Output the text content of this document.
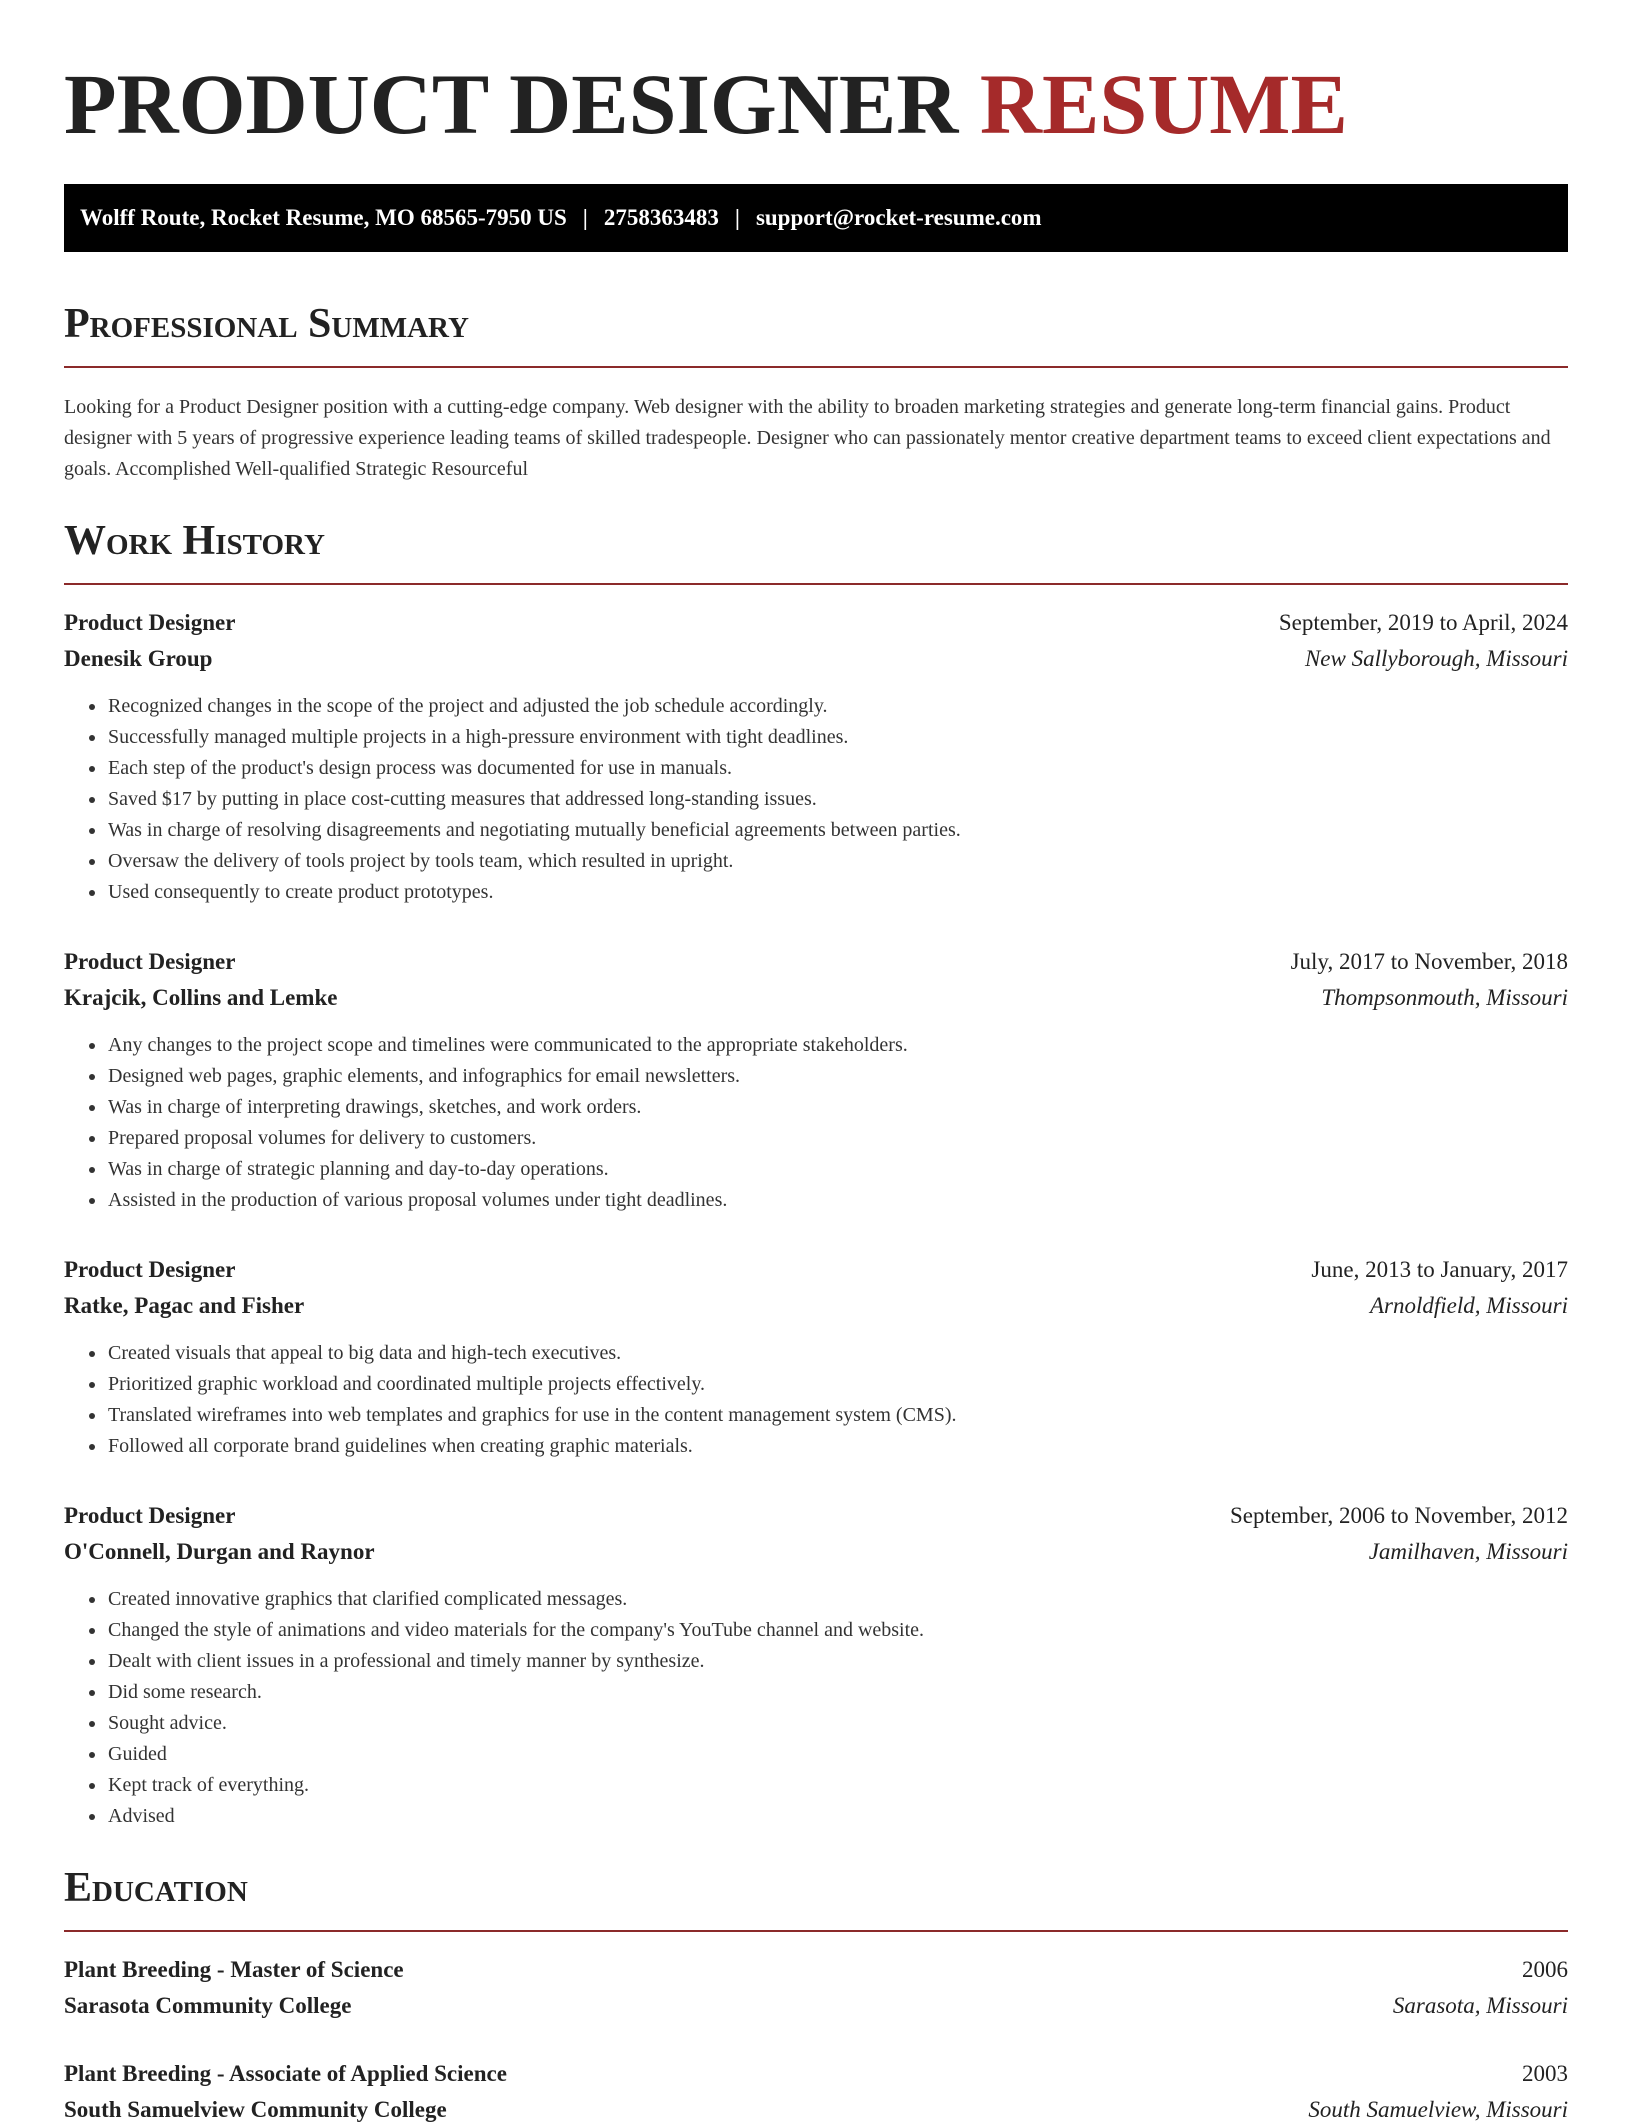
PRODUCT DESIGNER RESUME
Wolff Route, Rocket Resume, MO 68565-7950 US | 2758363483 | support@rocket-resume.com
Professional Summary

Looking for a Product Designer position with a cutting-edge company. Web designer with the ability to broaden marketing strategies and generate long-term financial gains. Product designer with 5 years of progressive experience leading teams of skilled tradespeople. Designer who can passionately mentor creative department teams to exceed client expectations and goals. Accomplished Well-qualified Strategic Resourceful

Work History
Product Designer	September, 2019 to April, 2024
Denesik Group	New Sallyborough, Missouri
• Recognized changes in the scope of the project and adjusted the job schedule accordingly.
• Successfully managed multiple projects in a high-pressure environment with tight deadlines.
• Each step of the product's design process was documented for use in manuals.
• Saved $17 by putting in place cost-cutting measures that addressed long-standing issues.
• Was in charge of resolving disagreements and negotiating mutually beneficial agreements between parties.
• Oversaw the delivery of tools project by tools team, which resulted in upright.
• Used consequently to create product prototypes.
Product Designer	July, 2017 to November, 2018
Krajcik, Collins and Lemke	Thompsonmouth, Missouri
• Any changes to the project scope and timelines were communicated to the appropriate stakeholders.
• Designed web pages, graphic elements, and infographics for email newsletters.
• Was in charge of interpreting drawings, sketches, and work orders.
• Prepared proposal volumes for delivery to customers.
• Was in charge of strategic planning and day-to-day operations.
• Assisted in the production of various proposal volumes under tight deadlines.
Product Designer	June, 2013 to January, 2017
Ratke, Pagac and Fisher	Arnoldfield, Missouri
• Created visuals that appeal to big data and high-tech executives.
• Prioritized graphic workload and coordinated multiple projects effectively.
• Translated wireframes into web templates and graphics for use in the content management system (CMS).
• Followed all corporate brand guidelines when creating graphic materials.
Product Designer	September, 2006 to November, 2012
O'Connell, Durgan and Raynor	Jamilhaven, Missouri
• Created innovative graphics that clarified complicated messages.
• Changed the style of animations and video materials for the company's YouTube channel and website.
• Dealt with client issues in a professional and timely manner by synthesize.
• Did some research.
• Sought advice.
• Guided
• Kept track of everything.
• Advised
Education
Plant Breeding - Master of Science	2006
Sarasota Community College	Sarasota, Missouri
Plant Breeding - Associate of Applied Science	2003
South Samuelview Community College	South Samuelview, Missouri
